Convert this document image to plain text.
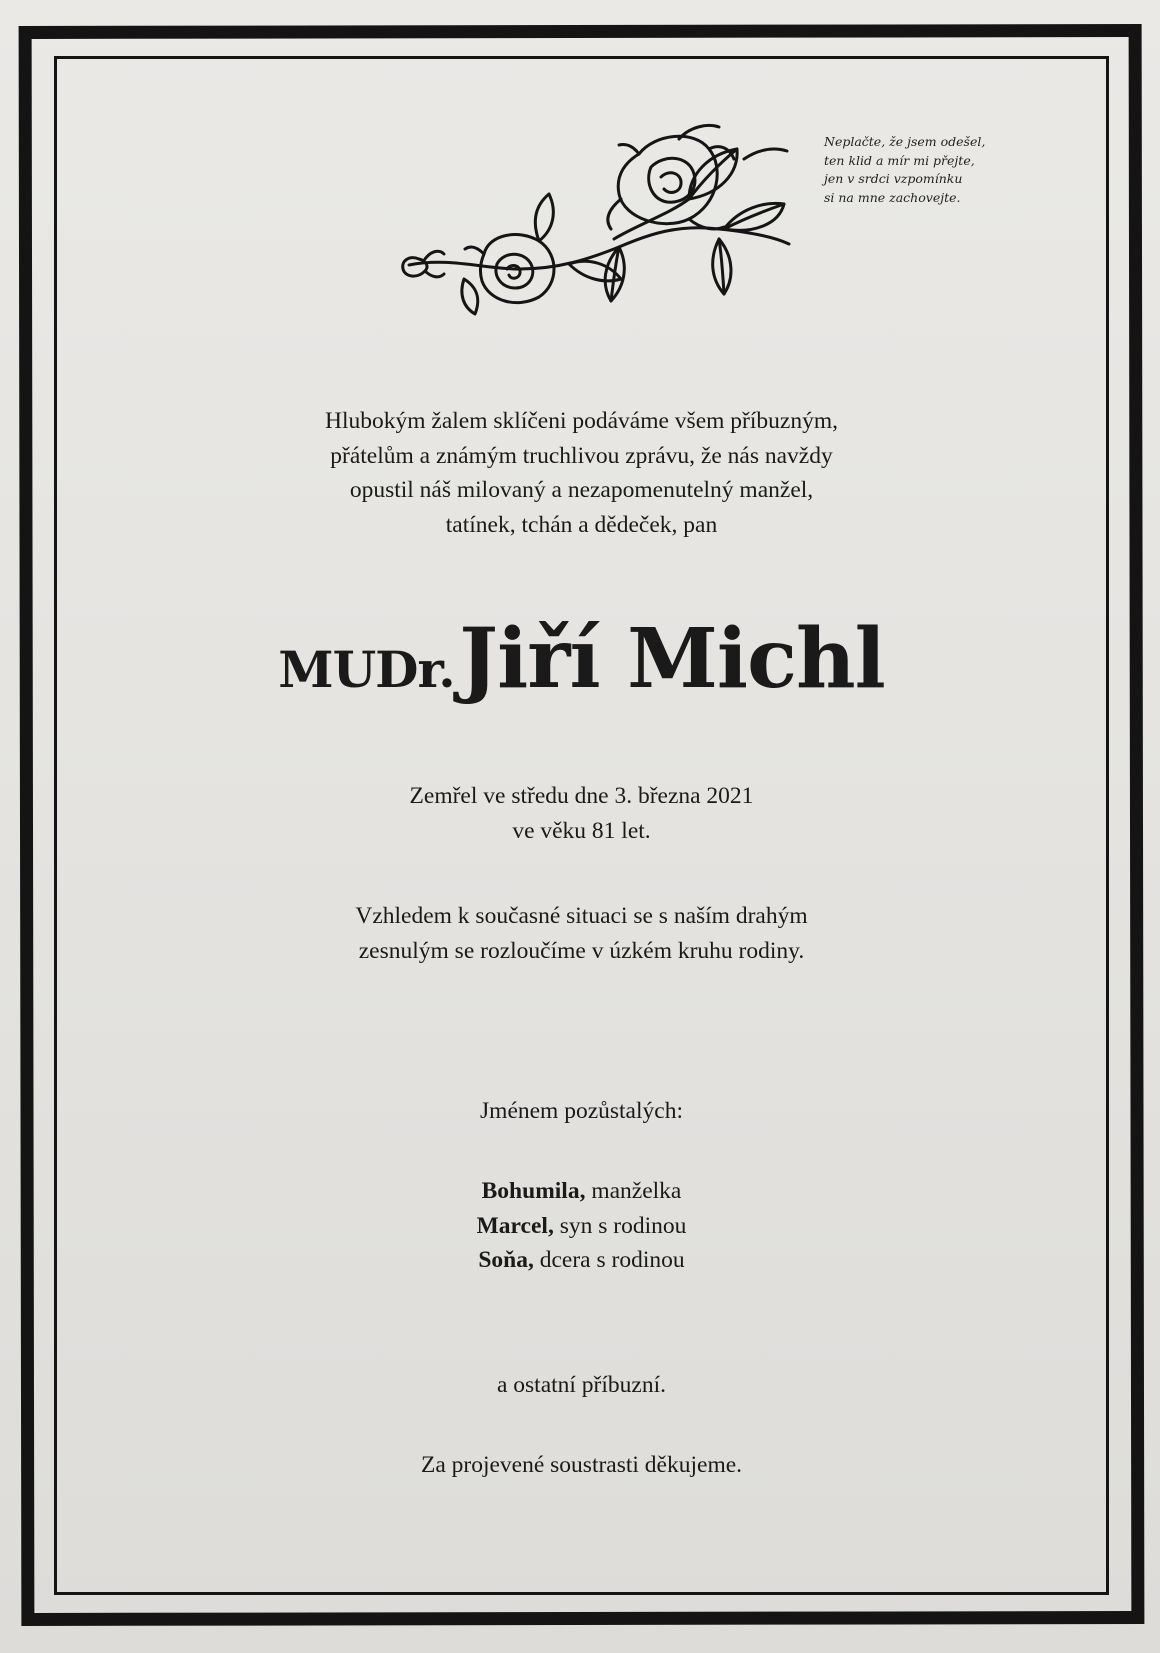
Neplačte, že jsem odešel,
ten klid a mír mi přejte,
jen v srdci vzpomínku
si na mne zachovejte.
Hlubokým žalem sklíčeni podáváme všem příbuzným,
přátelům a známým truchlivou zprávu, že nás navždy
opustil náš milovaný a nezapomenutelný manžel,
tatínek, tchán a dědeček, pan
MUDr. Jiří Michl
Zemřel ve středu dne 3. března 2021
ve věku 81 let.
Vzhledem k současné situaci se s naším drahým
zesnulým se rozloučíme v úzkém kruhu rodiny.
Jménem pozůstalých:
Bohumila, manželka
Marcel, syn s rodinou
Soňa, dcera s rodinou
a ostatní příbuzní.
Za projevené soustrasti děkujeme.
